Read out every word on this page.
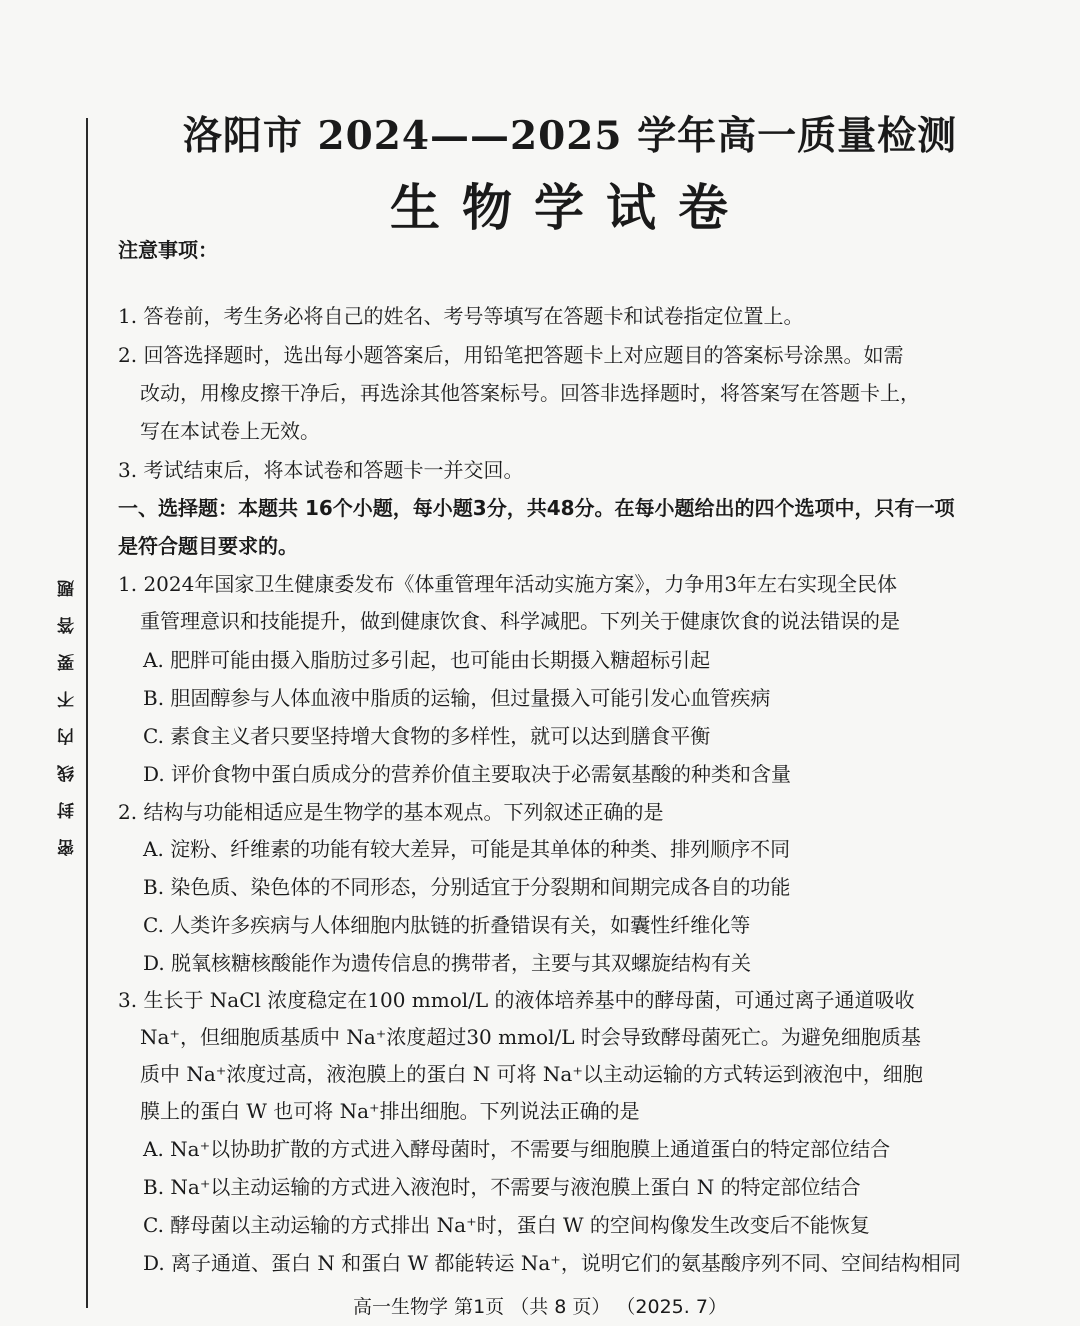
密封线内不要答题
洛阳市 2024——2025 学年高一质量检测
生物学试卷
注意事项：
1. 答卷前，考生务必将自己的姓名、考号等填写在答题卡和试卷指定位置上。
2. 回答选择题时，选出每小题答案后，用铅笔把答题卡上对应题目的答案标号涂黑。如需
改动，用橡皮擦干净后，再选涂其他答案标号。回答非选择题时，将答案写在答题卡上，
写在本试卷上无效。
3. 考试结束后，将本试卷和答题卡一并交回。
一、选择题：本题共 16个小题，每小题3分，共48分。在每小题给出的四个选项中，只有一项
是符合题目要求的。
1. 2024年国家卫生健康委发布《体重管理年活动实施方案》，力争用3年左右实现全民体
重管理意识和技能提升，做到健康饮食、科学减肥。下列关于健康饮食的说法错误的是
A. 肥胖可能由摄入脂肪过多引起，也可能由长期摄入糖超标引起
B. 胆固醇参与人体血液中脂质的运输，但过量摄入可能引发心血管疾病
C. 素食主义者只要坚持增大食物的多样性，就可以达到膳食平衡
D. 评价食物中蛋白质成分的营养价值主要取决于必需氨基酸的种类和含量
2. 结构与功能相适应是生物学的基本观点。下列叙述正确的是
A. 淀粉、纤维素的功能有较大差异，可能是其单体的种类、排列顺序不同
B. 染色质、染色体的不同形态，分别适宜于分裂期和间期完成各自的功能
C. 人类许多疾病与人体细胞内肽链的折叠错误有关，如囊性纤维化等
D. 脱氧核糖核酸能作为遗传信息的携带者，主要与其双螺旋结构有关
3. 生长于 NaCl 浓度稳定在100 mmol/L 的液体培养基中的酵母菌，可通过离子通道吸收
Na⁺，但细胞质基质中 Na⁺浓度超过30 mmol/L 时会导致酵母菌死亡。为避免细胞质基
质中 Na⁺浓度过高，液泡膜上的蛋白 N 可将 Na⁺以主动运输的方式转运到液泡中，细胞
膜上的蛋白 W 也可将 Na⁺排出细胞。下列说法正确的是
A. Na⁺以协助扩散的方式进入酵母菌时，不需要与细胞膜上通道蛋白的特定部位结合
B. Na⁺以主动运输的方式进入液泡时，不需要与液泡膜上蛋白 N 的特定部位结合
C. 酵母菌以主动运输的方式排出 Na⁺时，蛋白 W 的空间构像发生改变后不能恢复
D. 离子通道、蛋白 N 和蛋白 W 都能转运 Na⁺，说明它们的氨基酸序列不同、空间结构相同
高一生物学 第1页 （共 8 页） （2025. 7）
